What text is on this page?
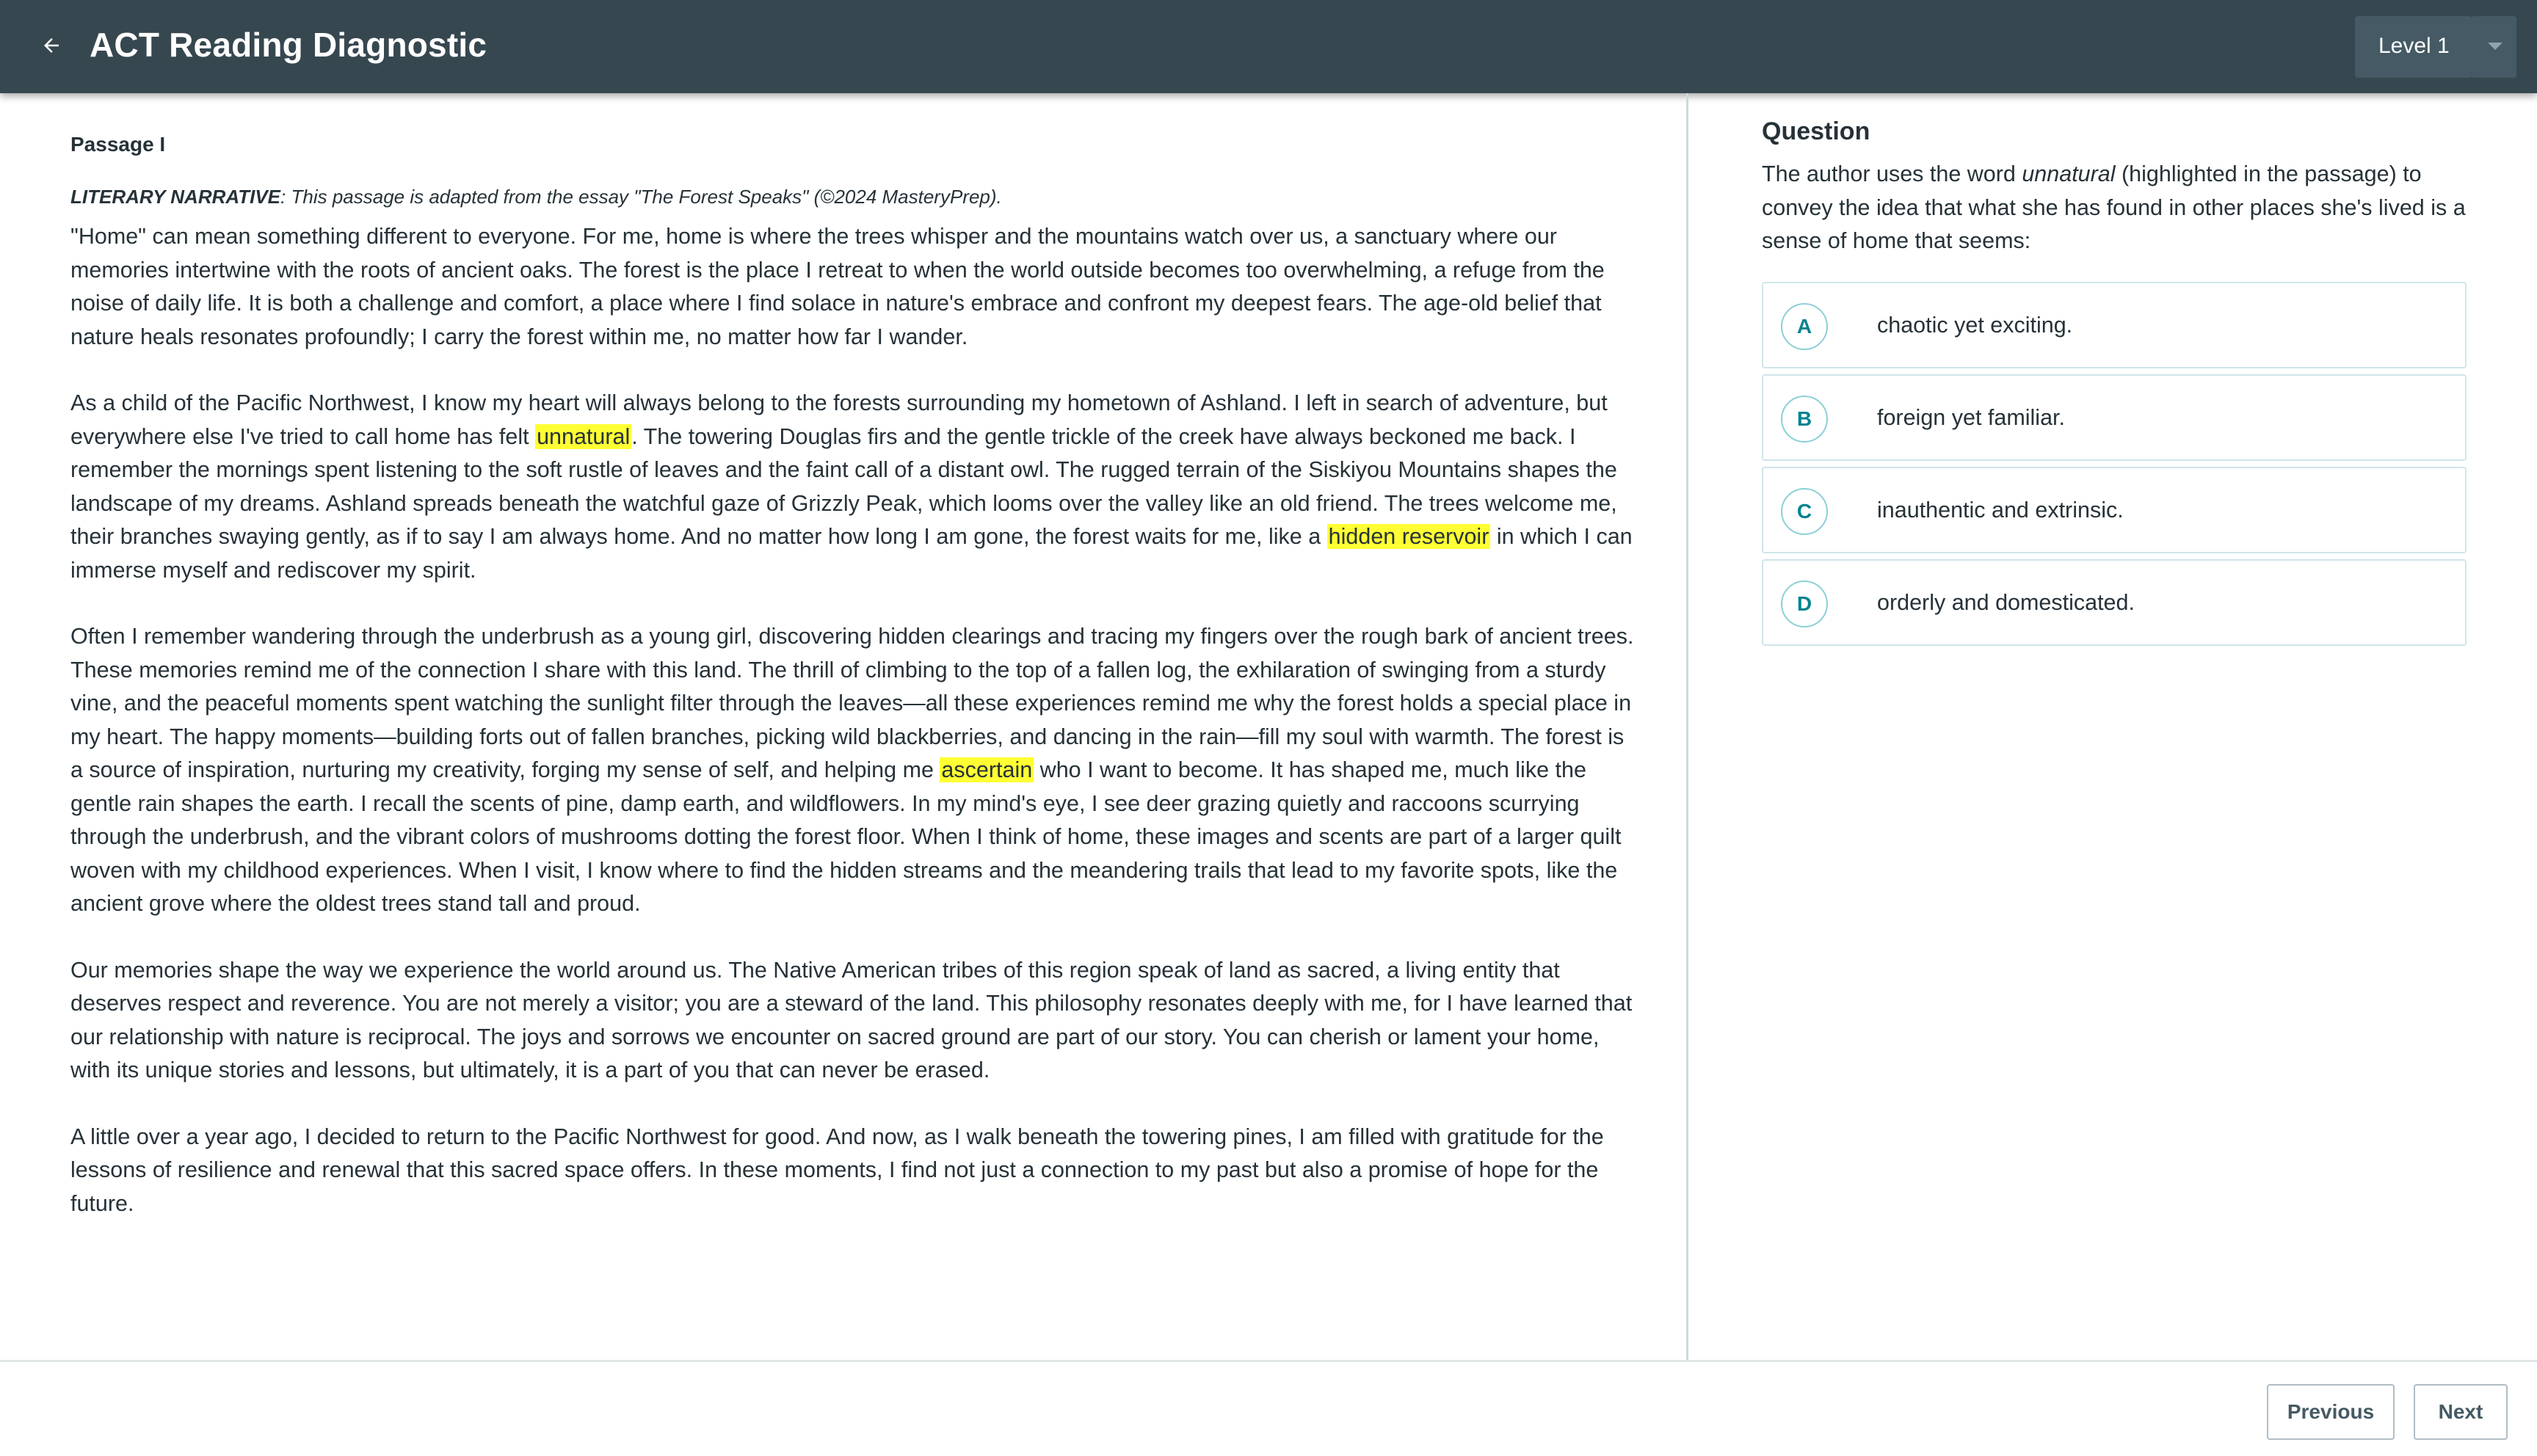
ACT Reading Diagnostic	Level 1
Passage I
LITERARY NARRATIVE: This passage is adapted from the essay "The Forest Speaks" (©2024 MasteryPrep).

"Home" can mean something different to everyone. For me, home is where the trees whisper and the mountains watch over us, a sanctuary where our memories intertwine with the roots of ancient oaks. The forest is the place I retreat to when the world outside becomes too overwhelming, a refuge from the noise of daily life. It is both a challenge and comfort, a place where I find solace in nature's embrace and confront my deepest fears. The age-old belief that nature heals resonates profoundly; I carry the forest within me, no matter how far I wander.

As a child of the Pacific Northwest, I know my heart will always belong to the forests surrounding my hometown of Ashland. I left in search of adventure, but everywhere else I've tried to call home has felt unnatural. The towering Douglas firs and the gentle trickle of the creek have always beckoned me back. I remember the mornings spent listening to the soft rustle of leaves and the faint call of a distant owl. The rugged terrain of the Siskiyou Mountains shapes the landscape of my dreams. Ashland spreads beneath the watchful gaze of Grizzly Peak, which looms over the valley like an old friend. The trees welcome me, their branches swaying gently, as if to say I am always home. And no matter how long I am gone, the forest waits for me, like a hidden reservoir in which I can immerse myself and rediscover my spirit.

Often I remember wandering through the underbrush as a young girl, discovering hidden clearings and tracing my fingers over the rough bark of ancient trees. These memories remind me of the connection I share with this land. The thrill of climbing to the top of a fallen log, the exhilaration of swinging from a sturdy vine, and the peaceful moments spent watching the sunlight filter through the leaves—all these experiences remind me why the forest holds a special place in my heart. The happy moments—building forts out of fallen branches, picking wild blackberries, and dancing in the rain—fill my soul with warmth. The forest is a source of inspiration, nurturing my creativity, forging my sense of self, and helping me ascertain who I want to become. It has shaped me, much like the gentle rain shapes the earth. I recall the scents of pine, damp earth, and wildflowers. In my mind's eye, I see deer grazing quietly and raccoons scurrying through the underbrush, and the vibrant colors of mushrooms dotting the forest floor. When I think of home, these images and scents are part of a larger quilt woven with my childhood experiences. When I visit, I know where to find the hidden streams and the meandering trails that lead to my favorite spots, like the ancient grove where the oldest trees stand tall and proud.

Our memories shape the way we experience the world around us. The Native American tribes of this region speak of land as sacred, a living entity that deserves respect and reverence. You are not merely a visitor; you are a steward of the land. This philosophy resonates deeply with me, for I have learned that our relationship with nature is reciprocal. The joys and sorrows we encounter on sacred ground are part of our story. You can cherish or lament your home, with its unique stories and lessons, but ultimately, it is a part of you that can never be erased.

A little over a year ago, I decided to return to the Pacific Northwest for good. And now, as I walk beneath the towering pines, I am filled with gratitude for the lessons of resilience and renewal that this sacred space offers. In these moments, I find not just a connection to my past but also a promise of hope for the future.

Question
The author uses the word unnatural (highlighted in the passage) to convey the idea that what she has found in other places she's lived is a sense of home that seems:
A	chaotic yet exciting.
B	foreign yet familiar.
C	inauthentic and extrinsic.
D	orderly and domesticated.
Previous	Next
